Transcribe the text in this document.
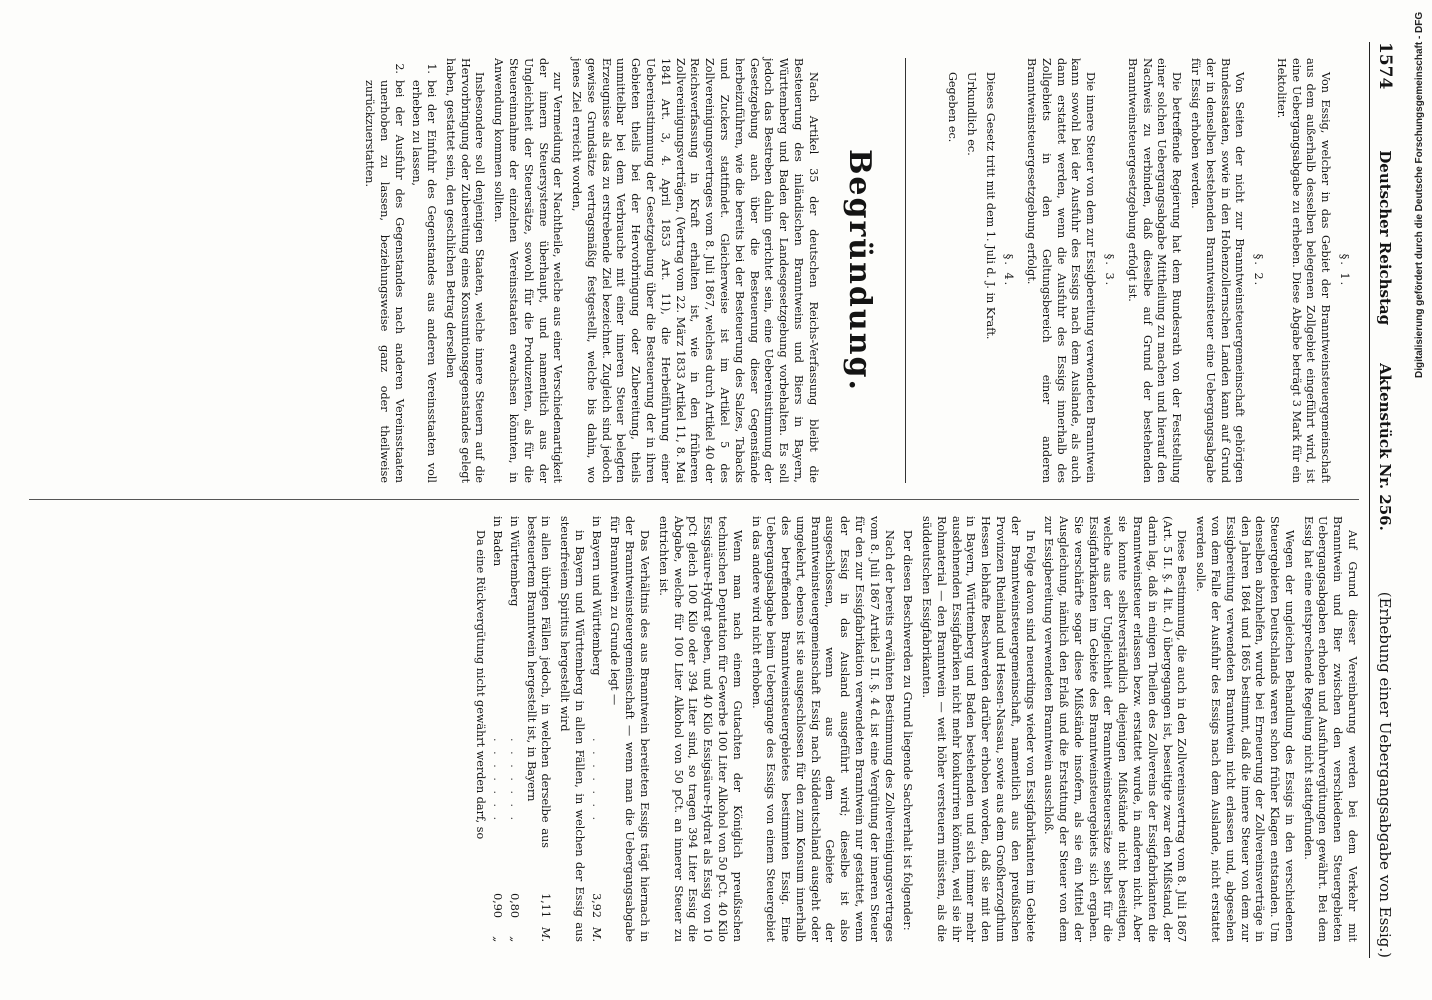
1574
Deutscher Reichstag
Aktenstück Nr. 256.
(Erhebung einer Uebergangsabgabe von Essig.)

§. 1.

Von Essig, welcher in das Gebiet der Branntweinsteuergemeinschaft aus dem außerhalb desselben belegenen Zollgebiet eingeführt wird, ist eine Uebergangsabgabe zu erheben. Diese Abgabe beträgt 3 Mark für ein Hektoliter.

§. 2.

Von Seiten der nicht zur Branntweinsteuergemeinschaft gehörigen Bundesstaaten, sowie in den Hohenzollernschen Landen kann auf Grund der in denselben bestehenden Branntweinsteuer eine Uebergangsabgabe für Essig erhoben werden.

Die betreffende Regierung hat dem Bundesrath von der Feststellung einer solchen Uebergangsabgabe Mittheilung zu machen und hierauf den Nachweis zu verbinden, daß dieselbe auf Grund der bestehenden Branntweinsteuergesetzgebung erfolgt ist.

§. 3.

Die innere Steuer von dem zur Essigbereitung verwendeten Branntwein kann sowohl bei der Ausfuhr des Essigs nach dem Auslande, als auch dann erstattet werden, wenn die Ausfuhr des Essigs innerhalb des Zollgebiets in den Geltungsbereich einer anderen Branntweinsteuergesetzgebung erfolgt.

§. 4.

Dieses Gesetz tritt mit dem 1. Juli d. J. in Kraft.

Urkundlich ec.

Gegeben ec.

Begründung.

Nach Artikel 35 der deutschen Reichs-Verfassung bleibt die Besteuerung des inländischen Branntweins und Biers in Bayern, Württemberg und Baden der Landesgesetzgebung vorbehalten. Es soll jedoch das Bestreben dahin gerichtet sein, eine Uebereinstimmung der Gesetzgebung auch über die Besteuerung dieser Gegenstände herbeizuführen, wie die bereits bei der Besteuerung des Salzes, Tabacks und Zuckers stattfindet. Gleicherweise ist im Artikel 5 des Zollvereinigungsvertrages vom 8. Juli 1867, welches durch Artikel 40 der Reichsverfassung in Kraft erhalten ist, wie in den früheren Zollvereinigungsverträgen, (Vertrag vom 22. März 1833 Artikel 11, 8. Mai 1841 Art. 3, 4. April 1853 Art. 11), die Herbeiführung einer Uebereinstimmung der Gesetzgebung über die Besteuerung der in ihren Gebieten theils bei der Hervorbringung oder Zubereitung, theils unmittelbar bei dem Verbrauche mit einer inneren Steuer belegten Erzeugnisse als das zu erstrebende Ziel bezeichnet. Zugleich sind jedoch gewisse Grundsätze vertragsmäßig festgestellt, welche bis dahin, wo jenes Ziel erreicht worden,

zur Vermeidung der Nachtheile, welche aus einer Verschiedenartigkeit der innern Steuersysteme überhaupt, und namentlich aus der Ungleichheit der Steuersätze, sowohl für die Produzenten, als für die Steuereinnahme der einzelnen Vereinsstaaten erwachsen könnten, in Anwendung kommen sollten.

Insbesondere soll denjenigen Staaten, welche innere Steuern auf die Hervorbringung oder Zubereitung eines Konsumtionsgegenstandes gelegt haben, gestattet sein, den geschlichen Betrag derselben

1.
bei der Einfuhr des Gegenstandes aus anderen Vereinsstaaten voll erheben zu lassen,
2.
bei der Ausfuhr des Gegenstandes nach anderen Vereinsstaaten unerhoben zu lassen, beziehungsweise ganz oder theilweise zurückzuerstatten.

Auf Grund dieser Vereinbarung werden bei dem Verkehr mit Branntwein und Bier zwischen den verschiedenen Steuergebieten Uebergangsabgaben erhoben und Ausfuhrvergütungen gewährt. Bei dem Essig hat eine entsprechende Regelung nicht stattgefunden.

Wegen der ungleichen Behandlung des Essigs in den verschiedenen Steuergebieten Deutschlands waren schon früher Klagen entstanden. Um denselben abzuhelfen, wurde bei Erneuerung der Zollvereinsverträge in den Jahren 1864 und 1865 bestimmt, daß die innere Steuer von dem zur Essigbereitung verwendeten Branntwein nicht erlassen und, abgesehen von dem Falle der Ausfuhr des Essigs nach dem Auslande, nicht erstattet werden solle.

Diese Bestimmung, die auch in den Zollvereinsvertrag vom 8. Juli 1867 (Art. 5 II. §. 4 lit. d.) übergegangen ist, beseitigte zwar den Mißstand, der darin lag, daß in einigen Theilen des Zollvereins der Essigfabrikanten die Branntweinsteuer erlassen bezw. erstattet wurde, in anderen nicht. Aber sie konnte selbstverständlich diejenigen Mißstände nicht beseitigen, welche aus der Ungleichheit der Branntweinsteuersätze selbst für die Essigfabrikanten im Gebiete des Branntweinsteuergebiets sich ergaben. Sie verschärfte sogar diese Mißstände insofern, als sie ein Mittel der Ausgleichung, nämlich den Erlaß und die Erstattung der Steuer von dem zur Essigbereitung verwendeten Branntwein ausschloß.

In Folge davon sind neuerdings wieder von Essigfabrikanten im Gebiete der Branntweinsteuergemeinschaft, namentlich aus den preußischen Provinzen Rheinland und Hessen-Nassau, sowie aus dem Großherzogthum Hessen lebhafte Beschwerden darüber erhoben worden, daß sie mit den in Bayern, Württemberg und Baden bestehenden und sich immer mehr ausdehnenden Essigfabriken nicht mehr konkurriren könnten, weil sie ihr Rohmaterial — den Branntwein — weit höher versteuern müssten, als die süddeutschen Essigfabrikanten.

Der diesen Beschwerden zu Grund liegende Sachverhalt ist folgender:

Nach der bereits erwähnten Bestimmung des Zollvereinigungsvertrages vom 8. Juli 1867 Artikel 5 II. §. 4 d. ist eine Vergütung der inneren Steuer für den zur Essigfabrikation verwendeten Branntwein nur gestattet, wenn der Essig in das Ausland ausgeführt wird; dieselbe ist also ausgeschlossen, wenn aus dem Gebiete der Branntweinsteuergemeinschaft Essig nach Süddeutschland ausgeht oder umgekehrt, ebenso ist sie ausgeschlossen für den zum Konsum innerhalb des betreffenden Branntweinsteuergebietes bestimmten Essig. Eine Uebergangsabgabe beim Uebergange des Essigs von einem Steuergebiet in das andere wird nicht erhoben.

Wenn man nach einem Gutachten der Königlich preußischen technischen Deputation für Gewerbe 100 Liter Alkohol von 50 pCt. 40 Kilo Essigsäure-Hydrat geben, und 40 Kilo Essigsäure-Hydrat als Essig von 10 pCt gleich 100 Kilo oder 394 Liter sind, so tragen 394 Liter Essig die Abgabe, welche für 100 Liter Alkohol von 50 pCt. an innerer Steuer zu entrichten ist.

Das Verhältnis des aus Branntwein bereiteten Essigs trägt hiernach in der Branntweinsteuergemeinschaft — wenn man die Uebergangsabgabe für Branntwein zu Grunde legt —

in Bayern und Württemberg
. . . . . . .
3,92
M.

in Bayern und Württemberg in allen Fällen, in welchen der Essig aus steuerfreiem Spiritus hergestellt wird

in allen übrigen Fällen jedoch, in welchen derselbe aus besteuertem Branntwein hergestellt ist, in Bayern
1,11
M.
in Württemberg
. . . . . . .
0,80
„
in Baden
. . . . . . .
0,90
„

Da eine Rückvergütung nicht gewährt werden darf, so

Digitalisierung gefördert durch die Deutsche Forschungsgemeinschaft - DFG
